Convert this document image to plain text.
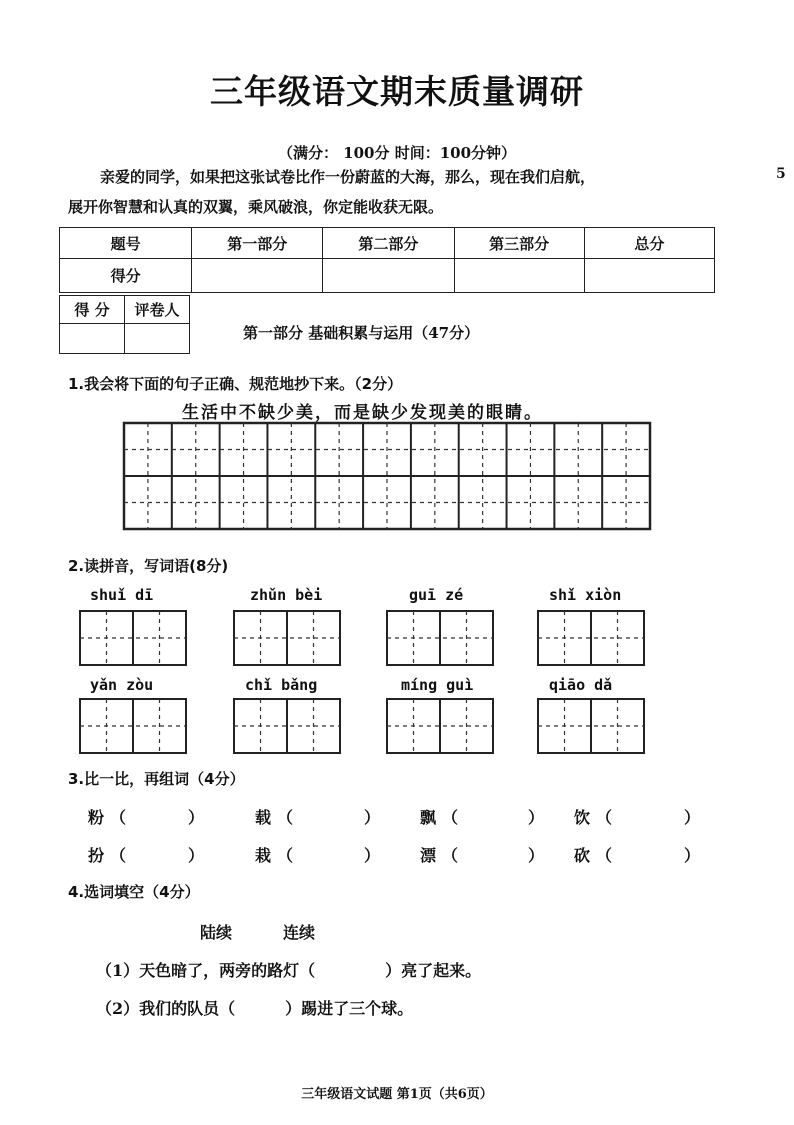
三年级语文期末质量调研
（满分： 100分 时间：100分钟）

亲爱的同学，如果把这张试卷比作一份蔚蓝的大海，那么，现在我们启航，

展开你智慧和认真的双翼，乘风破浪，你定能收获无限。

5
题号	第一部分	第二部分	第三部分	总分
得分				
得 分	评卷人

第一部分 基础积累与运用（47分）
1.我会将下面的句子正确、规范地抄下来。（2分）
生活中不缺少美，而是缺少发现美的眼睛。
2.读拼音，写词语(8分)
shuǐ dī	zhǔn bèi	guī zé	shǐ xiòn
yǎn zòu	chǐ bǎng	míng guì	qiāo dǎ
3.比一比，再组词（4分）
粉 （	）	载 （	） 飘 （	） 饮 （	）
扮 （	）	栽 （	） 漂 （	） 砍 （	）
4.选词填空（4分）
陆续	连续
（1）天色暗了，两旁的路灯（	）亮了起来。
（2）我们的队员（	）踢进了三个球。
三年级语文试题 第1页（共6页）
